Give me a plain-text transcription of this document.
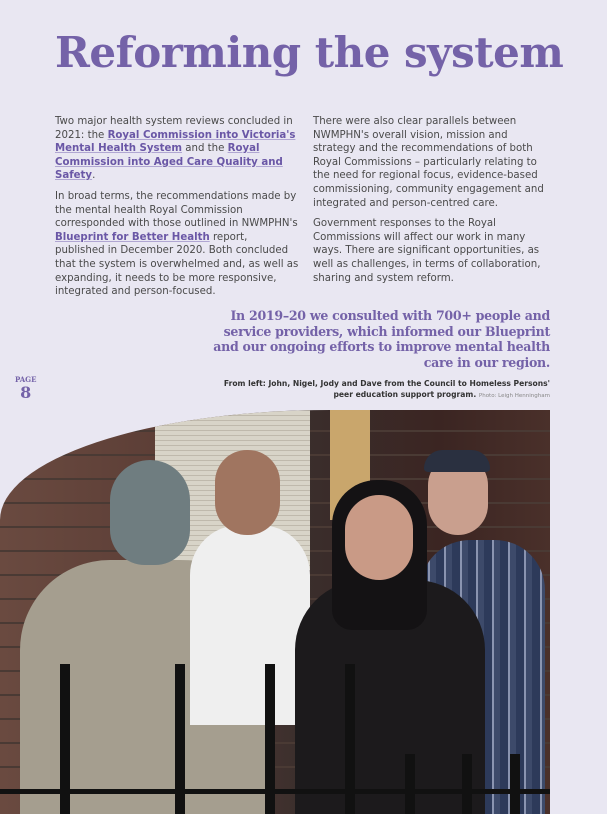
Reforming the system

Two major health system reviews concluded in 2021: the Royal Commission into Victoria's Mental Health System and the Royal Commission into Aged Care Quality and Safety.

In broad terms, the recommendations made by the mental health Royal Commission corresponded with those outlined in NWMPHN's Blueprint for Better Health report, published in December 2020. Both concluded that the system is overwhelmed and, as well as expanding, it needs to be more responsive, integrated and person-focused.

There were also clear parallels between NWMPHN's overall vision, mission and strategy and the recommendations of both Royal Commissions – particularly relating to the need for regional focus, evidence-based commissioning, community engagement and integrated and person-centred care.

Government responses to the Royal Commissions will affect our work in many ways. There are significant opportunities, as well as challenges, in terms of collaboration, sharing and system reform.

In 2019–20 we consulted with 700+ people and service providers, which informed our Blueprint and our ongoing efforts to improve mental health care in our region.

From left: John, Nigel, Jody and Dave from the Council to Homeless Persons' peer education support program. Photo: Leigh Henningham

PAGE
8
